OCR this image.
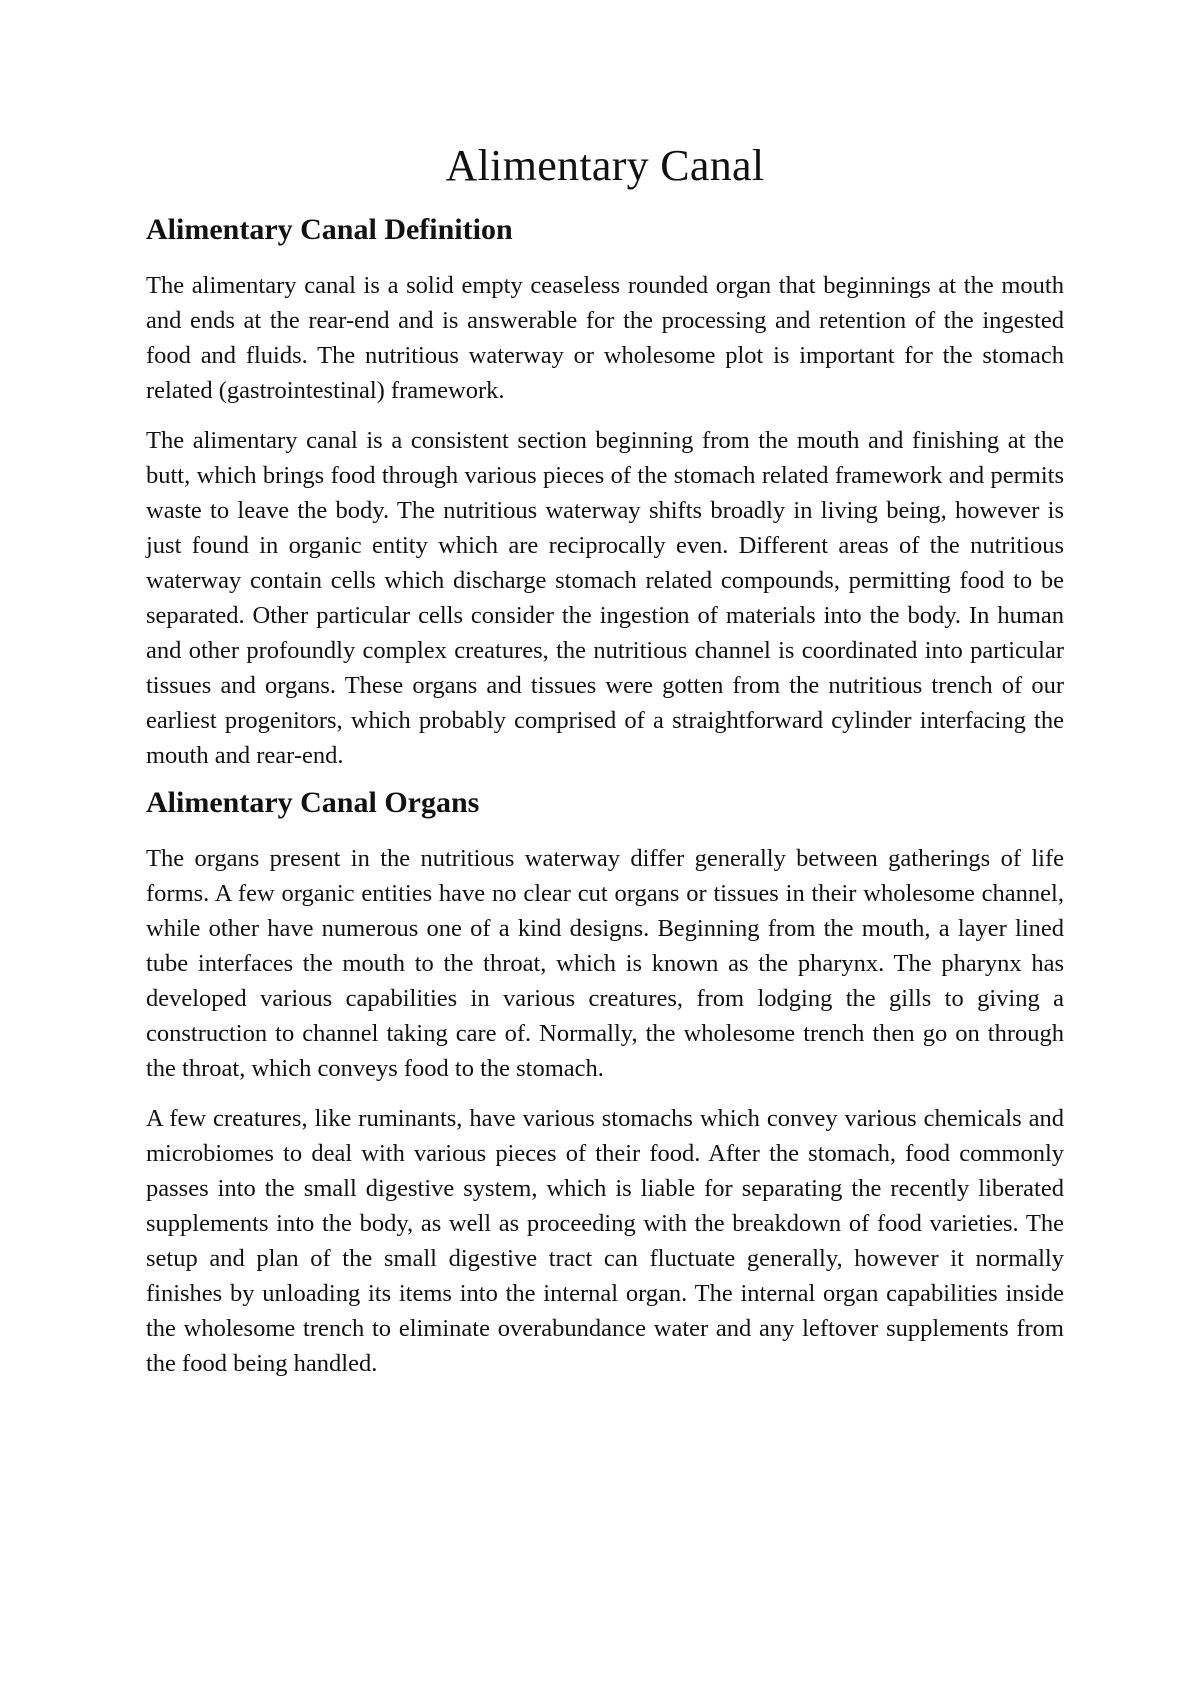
Alimentary Canal
Alimentary Canal Definition

The alimentary canal is a solid empty ceaseless rounded organ that beginnings at the mouth and ends at the rear-end and is answerable for the processing and retention of the ingested food and fluids. The nutritious waterway or wholesome plot is important for the stomach related (gastrointestinal) framework.

The alimentary canal is a consistent section beginning from the mouth and finishing at the butt, which brings food through various pieces of the stomach related framework and permits waste to leave the body. The nutritious waterway shifts broadly in living being, however is just found in organic entity which are reciprocally even. Different areas of the nutritious waterway contain cells which discharge stomach related compounds, permitting food to be separated. Other particular cells consider the ingestion of materials into the body. In human and other profoundly complex creatures, the nutritious channel is coordinated into particular tissues and organs. These organs and tissues were gotten from the nutritious trench of our earliest progenitors, which probably comprised of a straightforward cylinder interfacing the mouth and rear-end.

Alimentary Canal Organs

The organs present in the nutritious waterway differ generally between gatherings of life forms. A few organic entities have no clear cut organs or tissues in their wholesome channel, while other have numerous one of a kind designs. Beginning from the mouth, a layer lined tube interfaces the mouth to the throat, which is known as the pharynx. The pharynx has developed various capabilities in various creatures, from lodging the gills to giving a construction to channel taking care of. Normally, the wholesome trench then go on through the throat, which conveys food to the stomach.

A few creatures, like ruminants, have various stomachs which convey various chemicals and microbiomes to deal with various pieces of their food. After the stomach, food commonly passes into the small digestive system, which is liable for separating the recently liberated supplements into the body, as well as proceeding with the breakdown of food varieties. The setup and plan of the small digestive tract can fluctuate generally, however it normally finishes by unloading its items into the internal organ. The internal organ capabilities inside the wholesome trench to eliminate overabundance water and any leftover supplements from the food being handled.
